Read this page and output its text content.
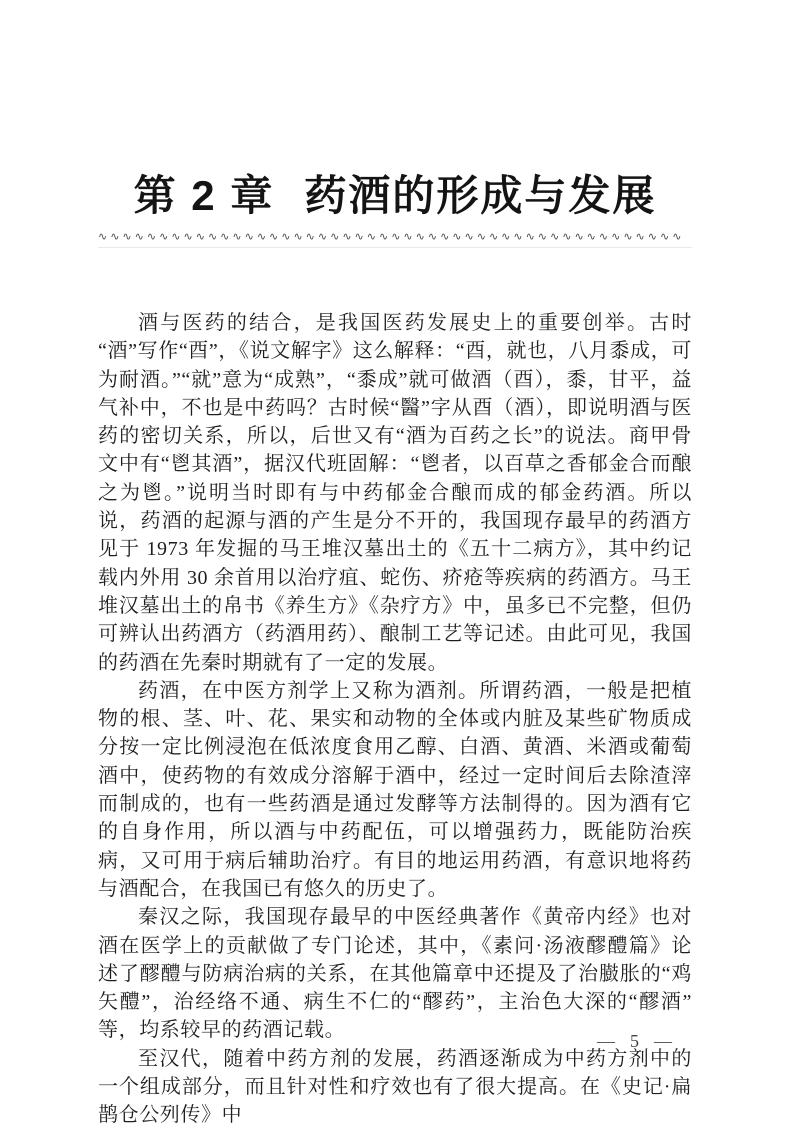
第 2 章 药酒的形成与发展
∿∿∿∿∿∿∿∿∿∿∿∿∿∿∿∿∿∿∿∿∿∿∿∿∿∿∿∿∿∿∿∿∿∿∿∿∿∿∿∿∿∿∿∿∿∿∿∿

酒与医药的结合，是我国医药发展史上的重要创举。古时“酒”写作“酉”，《说文解字》这么解释：“酉，就也，八月黍成，可为耐酒。”“就”意为“成熟”，“黍成”就可做酒（酉），黍，甘平，益气补中，不也是中药吗？古时候“醫”字从酉（酒），即说明酒与医药的密切关系，所以，后世又有“酒为百药之长”的说法。商甲骨文中有“鬯其酒”，据汉代班固解：“鬯者，以百草之香郁金合而酿之为鬯。”说明当时即有与中药郁金合酿而成的郁金药酒。所以说，药酒的起源与酒的产生是分不开的，我国现存最早的药酒方见于 1973 年发掘的马王堆汉墓出土的《五十二病方》，其中约记载内外用 30 余首用以治疗疽、蛇伤、疥疮等疾病的药酒方。马王堆汉墓出土的帛书《养生方》《杂疗方》中，虽多已不完整，但仍可辨认出药酒方（药酒用药）、酿制工艺等记述。由此可见，我国的药酒在先秦时期就有了一定的发展。

药酒，在中医方剂学上又称为酒剂。所谓药酒，一般是把植物的根、茎、叶、花、果实和动物的全体或内脏及某些矿物质成分按一定比例浸泡在低浓度食用乙醇、白酒、黄酒、米酒或葡萄酒中，使药物的有效成分溶解于酒中，经过一定时间后去除渣滓而制成的，也有一些药酒是通过发酵等方法制得的。因为酒有它的自身作用，所以酒与中药配伍，可以增强药力，既能防治疾病，又可用于病后辅助治疗。有目的地运用药酒，有意识地将药与酒配合，在我国已有悠久的历史了。

秦汉之际，我国现存最早的中医经典著作《黄帝内经》也对酒在医学上的贡献做了专门论述，其中，《素问·汤液醪醴篇》论述了醪醴与防病治病的关系，在其他篇章中还提及了治臌胀的“鸡矢醴”，治经络不通、病生不仁的“醪药”，主治色大深的“醪酒”等，均系较早的药酒记载。

至汉代，随着中药方剂的发展，药酒逐渐成为中药方剂中的一个组成部分，而且针对性和疗效也有了很大提高。在《史记·扁鹊仓公列传》中

—  5  —
